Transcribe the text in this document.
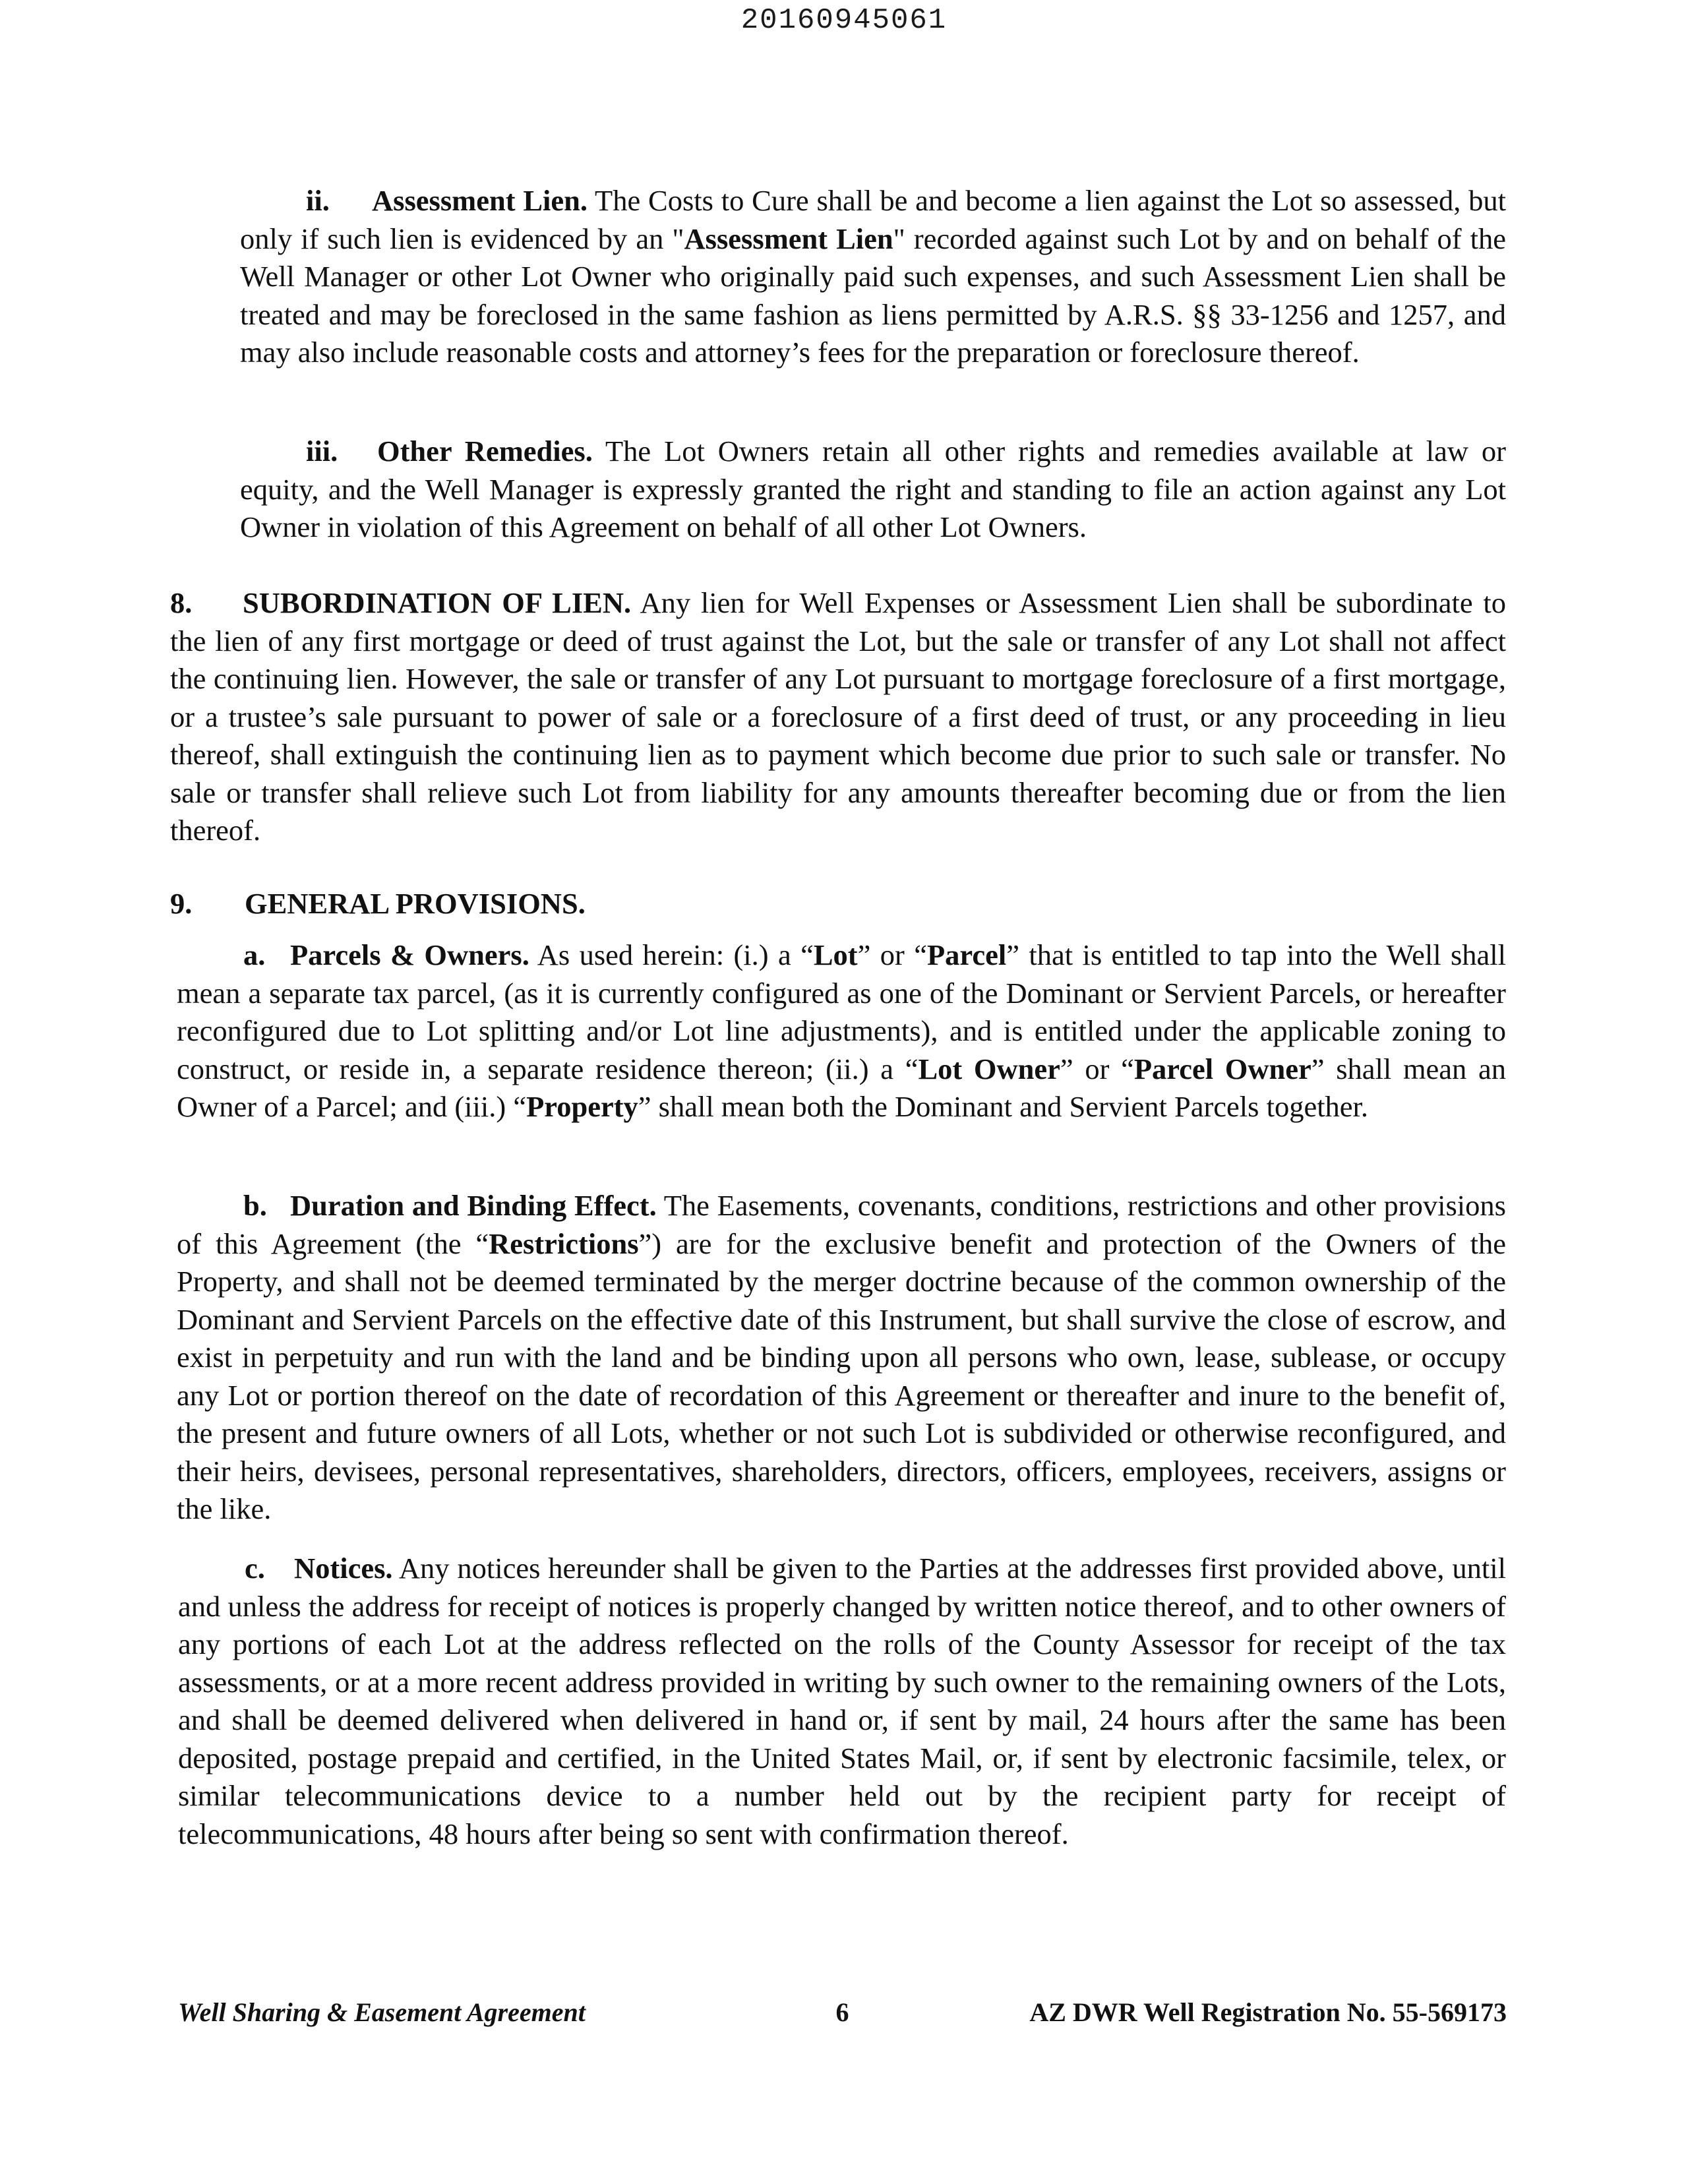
20160945061

ii. Assessment Lien. The Costs to Cure shall be and become a lien against the Lot so assessed, but only if such lien is evidenced by an "Assessment Lien" recorded against such Lot by and on behalf of the Well Manager or other Lot Owner who originally paid such expenses, and such Assessment Lien shall be treated and may be foreclosed in the same fashion as liens permitted by A.R.S. §§ 33-1256 and 1257, and may also include reasonable costs and attorney’s fees for the preparation or foreclosure thereof.

iii. Other Remedies. The Lot Owners retain all other rights and remedies available at law or equity, and the Well Manager is expressly granted the right and standing to file an action against any Lot Owner in violation of this Agreement on behalf of all other Lot Owners.

8. SUBORDINATION OF LIEN. Any lien for Well Expenses or Assessment Lien shall be subordinate to the lien of any first mortgage or deed of trust against the Lot, but the sale or transfer of any Lot shall not affect the continuing lien. However, the sale or transfer of any Lot pursuant to mortgage foreclosure of a first mortgage, or a trustee’s sale pursuant to power of sale or a foreclosure of a first deed of trust, or any proceeding in lieu thereof, shall extinguish the continuing lien as to payment which become due prior to such sale or transfer. No sale or transfer shall relieve such Lot from liability for any amounts thereafter becoming due or from the lien thereof.

9. GENERAL PROVISIONS.

a. Parcels & Owners. As used herein: (i.) a “Lot” or “Parcel” that is entitled to tap into the Well shall mean a separate tax parcel, (as it is currently configured as one of the Dominant or Servient Parcels, or hereafter reconfigured due to Lot splitting and/or Lot line adjustments), and is entitled under the applicable zoning to construct, or reside in, a separate residence thereon; (ii.) a “Lot Owner” or “Parcel Owner” shall mean an Owner of a Parcel; and (iii.) “Property” shall mean both the Dominant and Servient Parcels together.

b. Duration and Binding Effect. The Easements, covenants, conditions, restrictions and other provisions of this Agreement (the “Restrictions”) are for the exclusive benefit and protection of the Owners of the Property, and shall not be deemed terminated by the merger doctrine because of the common ownership of the Dominant and Servient Parcels on the effective date of this Instrument, but shall survive the close of escrow, and exist in perpetuity and run with the land and be binding upon all persons who own, lease, sublease, or occupy any Lot or portion thereof on the date of recordation of this Agreement or thereafter and inure to the benefit of, the present and future owners of all Lots, whether or not such Lot is subdivided or otherwise reconfigured, and their heirs, devisees, personal representatives, shareholders, directors, officers, employees, receivers, assigns or the like.

c. Notices. Any notices hereunder shall be given to the Parties at the addresses first provided above, until and unless the address for receipt of notices is properly changed by written notice thereof, and to other owners of any portions of each Lot at the address reflected on the rolls of the County Assessor for receipt of the tax assessments, or at a more recent address provided in writing by such owner to the remaining owners of the Lots, and shall be deemed delivered when delivered in hand or, if sent by mail, 24 hours after the same has been deposited, postage prepaid and certified, in the United States Mail, or, if sent by electronic facsimile, telex, or similar telecommunications device to a number held out by the recipient party for receipt of telecommunications, 48 hours after being so sent with confirmation thereof.

Well Sharing & Easement Agreement	6	AZ DWR Well Registration No. 55-569173
